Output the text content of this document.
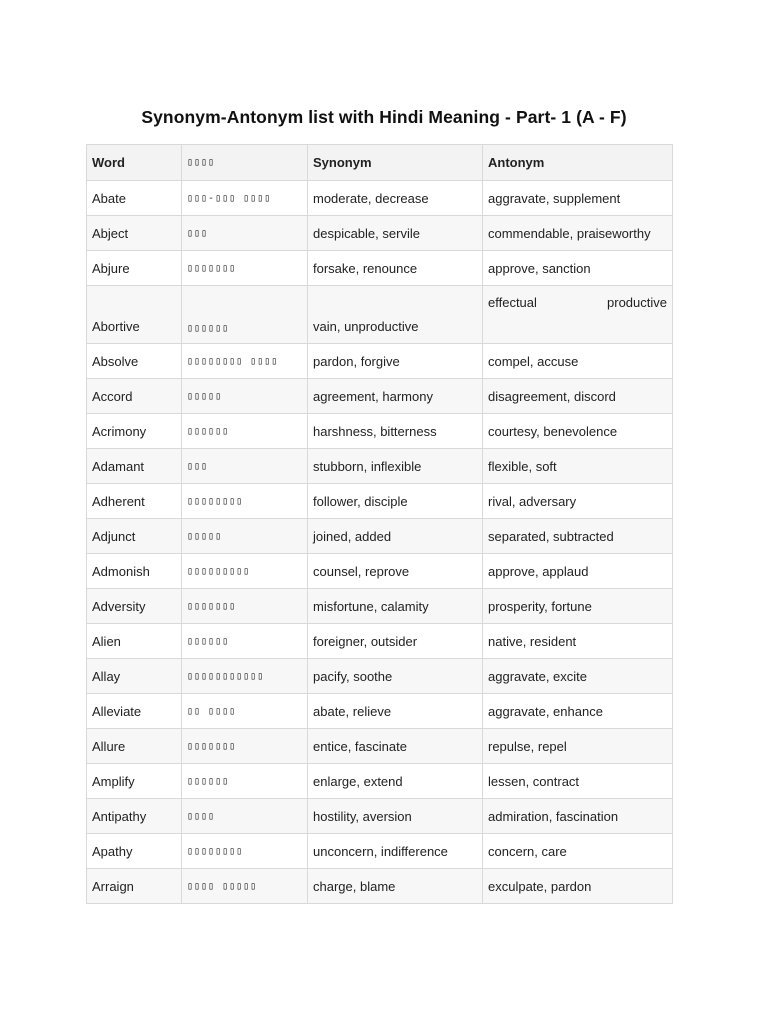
Synonym-Antonym list with Hindi Meaning - Part- 1 (A - F)
Word	▯▯▯▯	Synonym	Antonym
Abate	▯▯▯-▯▯▯ ▯▯▯▯	moderate, decrease	aggravate, supplement
Abject	▯▯▯	despicable, servile	commendable, praiseworthy
Abjure	▯▯▯▯▯▯▯	forsake, renounce	approve, sanction
Abortive	▯▯▯▯▯▯	vain, unproductive	effectual productive

Absolve	▯▯▯▯▯▯▯▯ ▯▯▯▯	pardon, forgive	compel, accuse
Accord	▯▯▯▯▯	agreement, harmony	disagreement, discord
Acrimony	▯▯▯▯▯▯	harshness, bitterness	courtesy, benevolence
Adamant	▯▯▯	stubborn, inflexible	flexible, soft
Adherent	▯▯▯▯▯▯▯▯	follower, disciple	rival, adversary
Adjunct	▯▯▯▯▯	joined, added	separated, subtracted
Admonish	▯▯▯▯▯▯▯▯▯	counsel, reprove	approve, applaud
Adversity	▯▯▯▯▯▯▯	misfortune, calamity	prosperity, fortune
Alien	▯▯▯▯▯▯	foreigner, outsider	native, resident
Allay	▯▯▯▯▯▯▯▯▯▯▯	pacify, soothe	aggravate, excite
Alleviate	▯▯ ▯▯▯▯	abate, relieve	aggravate, enhance
Allure	▯▯▯▯▯▯▯	entice, fascinate	repulse, repel
Amplify	▯▯▯▯▯▯	enlarge, extend	lessen, contract
Antipathy	▯▯▯▯	hostility, aversion	admiration, fascination
Apathy	▯▯▯▯▯▯▯▯	unconcern, indifference	concern, care
Arraign	▯▯▯▯ ▯▯▯▯▯	charge, blame	exculpate, pardon
